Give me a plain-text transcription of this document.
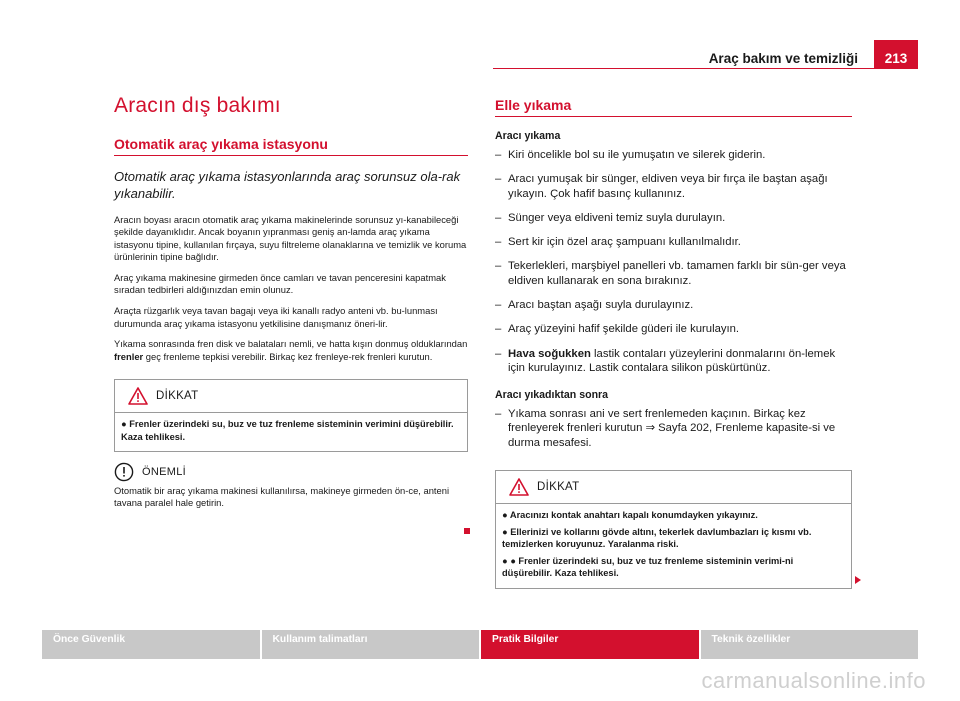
Araç bakım ve temizliği	213
Aracın dış bakımı
Otomatik araç yıkama istasyonu

Otomatik araç yıkama istasyonlarında araç sorunsuz ola-rak yıkanabilir.

Aracın boyası aracın otomatik araç yıkama makinelerinde sorunsuz yı-kanabileceği şekilde dayanıklıdır. Ancak boyanın yıpranması geniş an-lamda araç yıkama istasyonu tipine, kullanılan fırçaya, suyu filtreleme olanaklarına ve temizlik ve koruma ürünlerinin tipine bağlıdır.

Araç yıkama makinesine girmeden önce camları ve tavan penceresini kapatmak sıradan tedbirleri aldığınızdan emin olunuz.

Araçta rüzgarlık veya tavan bagajı veya iki kanallı radyo anteni vb. bu-lunması durumunda araç yıkama istasyonu yetkilisine danışmanız öneri-lir.

Yıkama sonrasında fren disk ve balataları nemli, ve hatta kışın donmuş olduklarından frenler geç frenleme tepkisi verebilir. Birkaç kez frenleye-rek frenleri kurutun.

DİKKAT

● Frenler üzerindeki su, buz ve tuz frenleme sisteminin verimini düşürebilir. Kaza tehlikesi.

ÖNEMLİ

Otomatik bir araç yıkama makinesi kullanılırsa, makineye girmeden ön-ce, anteni tavana paralel hale getirin.

Elle yıkama
Aracı yıkama
– Kiri öncelikle bol su ile yumuşatın ve silerek giderin.
– Aracı yumuşak bir sünger, eldiven veya bir fırça ile baştan aşağı yıkayın. Çok hafif basınç kullanınız.
– Sünger veya eldiveni temiz suyla durulayın.
– Sert kir için özel araç şampuanı kullanılmalıdır.
– Tekerlekleri, marşbiyel panelleri vb. tamamen farklı bir sün-ger veya eldiven kullanarak en sona bırakınız.
– Aracı baştan aşağı suyla durulayınız.
– Araç yüzeyini hafif şekilde güderi ile kurulayın.
– Hava soğukken lastik contaları yüzeylerini donmalarını ön-lemek için kurulayınız. Lastik contalara silikon püskürtünüz.
Aracı yıkadıktan sonra
– Yıkama sonrası ani ve sert frenlemeden kaçının. Birkaç kez frenleyerek frenleri kurutun ⇒ Sayfa 202, Frenleme kapasite-si ve durma mesafesi.
DİKKAT

● Aracınızı kontak anahtarı kapalı konumdayken yıkayınız.

● Ellerinizi ve kollarını gövde altını, tekerlek davlumbazları iç kısmı vb. temizlerken koruyunuz. Yaralanma riski.

● ● Frenler üzerindeki su, buz ve tuz frenleme sisteminin verimi-ni düşürebilir. Kaza tehlikesi.

Önce Güvenlik	Kullanım talimatları	Pratik Bilgiler	Teknik özellikler
carmanualsonline.info
